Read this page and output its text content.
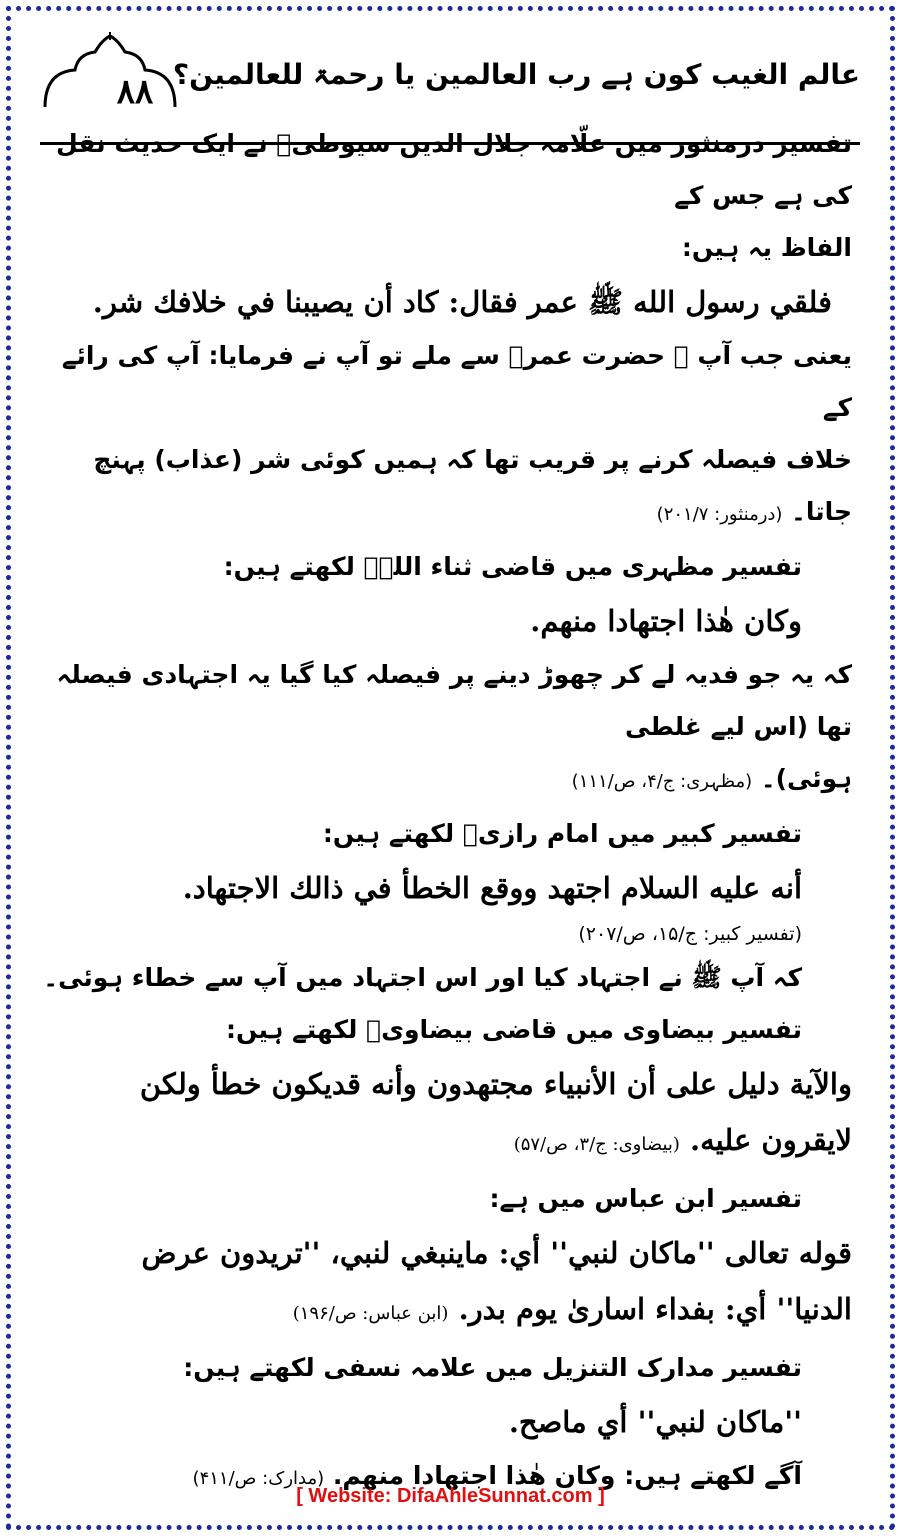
۸۸ عالم الغیب کون ہے رب العالمین یا رحمۃ للعالمین؟

تفسیر درمنثور میں علّامہ جلال الدین سیوطیؒ نے ایک حدیث نقل کی ہے جس کے

الفاظ یہ ہیں:

فلقي رسول الله ﷺ عمر فقال: كاد أن يصيبنا في خلافك شر.

یعنی جب آپ ﷺ حضرت عمرؓ سے ملے تو آپ نے فرمایا: آپ کی رائے کے

خلاف فیصلہ کرنے پر قریب تھا کہ ہمیں کوئی شر (عذاب) پہنچ جاتا۔ (درمنثور: ۲۰۱/۷)

تفسیر مظہری میں قاضی ثناء اللہؒ لکھتے ہیں:

وكان هٰذا اجتهادا منهم.

کہ یہ جو فدیہ لے کر چھوڑ دینے پر فیصلہ کیا گیا یہ اجتہادی فیصلہ تھا (اس لیے غلطی

ہوئی)۔ (مظہری: ج/۴، ص/۱۱۱)

تفسیر کبیر میں امام رازیؒ لکھتے ہیں:

أنه عليه السلام اجتهد ووقع الخطأ في ذالك الاجتهاد.

(تفسیر کبیر: ج/۱۵، ص/۲۰۷)

کہ آپ ﷺ نے اجتہاد کیا اور اس اجتہاد میں آپ سے خطاء ہوئی۔

تفسیر بیضاوی میں قاضی بیضاویؒ لکھتے ہیں:

والآية دليل على أن الأنبياء مجتهدون وأنه قديكون خطأ ولكن

لايقرون عليه. (بیضاوی: ج/۳، ص/۵۷)

تفسیر ابن عباس میں ہے:

قوله تعالى ''ماكان لنبي'' أي: ماينبغي لنبي، ''تريدون عرض

الدنيا'' أي: بفداء اسارىٰ يوم بدر. (ابن عباس: ص/۱۹۶)

تفسیر مدارک التنزیل میں علامہ نسفی لکھتے ہیں:

''ماكان لنبي'' أي ماصح.

آگے لکھتے ہیں: وكان هٰذا اجتهادا منهم. (مدارک: ص/۴۱۱)

[ Website: DifaAhleSunnat.com ]
